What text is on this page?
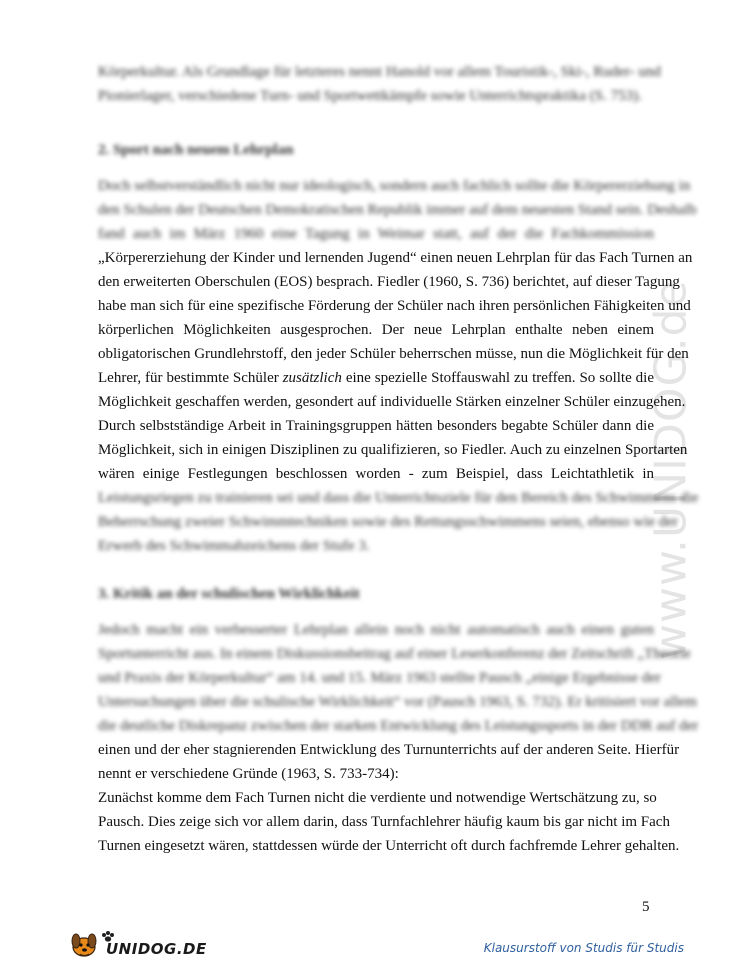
www.UNIDOG.de
Körperkultur. Als Grundlage für letzteres nennt Hanold vor allem Touristik-, Ski-, Ruder- und
Pionierlager, verschiedene Turn- und Sportwettkämpfe sowie Unterrichtspraktika (S. 753).
2. Sport nach neuem Lehrplan
Doch selbstverständlich nicht nur ideologisch, sondern auch fachlich sollte die Körpererziehung in
den Schulen der Deutschen Demokratischen Republik immer auf dem neuesten Stand sein. Deshalb
fand auch im März 1960 eine Tagung in Weimar statt, auf der die Fachkommission
„Körpererziehung der Kinder und lernenden Jugend“ einen neuen Lehrplan für das Fach Turnen an
den erweiterten Oberschulen (EOS) besprach. Fiedler (1960, S. 736) berichtet, auf dieser Tagung
habe man sich für eine spezifische Förderung der Schüler nach ihren persönlichen Fähigkeiten und
körperlichen Möglichkeiten ausgesprochen. Der neue Lehrplan enthalte neben einem
obligatorischen Grundlehrstoff, den jeder Schüler beherrschen müsse, nun die Möglichkeit für den
Lehrer, für bestimmte Schüler zusätzlich eine spezielle Stoffauswahl zu treffen. So sollte die
Möglichkeit geschaffen werden, gesondert auf individuelle Stärken einzelner Schüler einzugehen.
Durch selbstständige Arbeit in Trainingsgruppen hätten besonders begabte Schüler dann die
Möglichkeit, sich in einigen Disziplinen zu qualifizieren, so Fiedler. Auch zu einzelnen Sportarten
wären einige Festlegungen beschlossen worden - zum Beispiel, dass Leichtathletik in
Leistungsriegen zu trainieren sei und dass die Unterrichtsziele für den Bereich des Schwimmens die
Beherrschung zweier Schwimmtechniken sowie des Rettungsschwimmens seien, ebenso wie der
Erwerb des Schwimmabzeichens der Stufe 3.
3. Kritik an der schulischen Wirklichkeit
Jedoch macht ein verbesserter Lehrplan allein noch nicht automatisch auch einen guten
Sportunterricht aus. In einem Diskussionsbeitrag auf einer Leserkonferenz der Zeitschrift „Theorie
und Praxis der Körperkultur“ am 14. und 15. März 1963 stellte Pausch „einige Ergebnisse der
Untersuchungen über die schulische Wirklichkeit“ vor (Pausch 1963, S. 732). Er kritisiert vor allem
die deutliche Diskrepanz zwischen der starken Entwicklung des Leistungssports in der DDR auf der
einen und der eher stagnierenden Entwicklung des Turnunterrichts auf der anderen Seite. Hierfür
nennt er verschiedene Gründe (1963, S. 733-734):
Zunächst komme dem Fach Turnen nicht die verdiente und notwendige Wertschätzung zu, so
Pausch. Dies zeige sich vor allem darin, dass Turnfachlehrer häufig kaum bis gar nicht im Fach
Turnen eingesetzt wären, stattdessen würde der Unterricht oft durch fachfremde Lehrer gehalten.
5
UNIDOG.DE	Klausurstoff von Studis für Studis
